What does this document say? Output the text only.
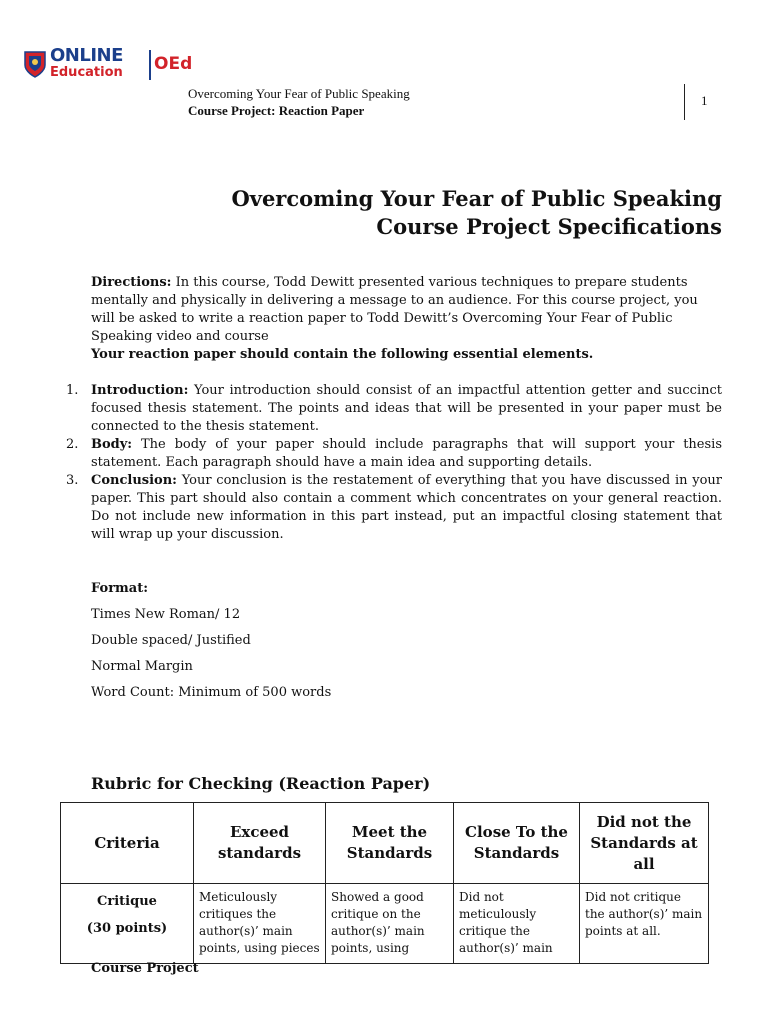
ONLINE
Education OEd
Overcoming Your Fear of Public Speaking
Course Project: Reaction Paper
1
Overcoming Your Fear of Public Speaking
Course Project Specifications
Directions: In this course, Todd Dewitt presented various techniques to prepare students mentally and physically in delivering a message to an audience. For this course project, you will be asked to write a reaction paper to Todd Dewitt’s Overcoming Your Fear of Public Speaking video and course
Your reaction paper should contain the following essential elements.
1. Introduction: Your introduction should consist of an impactful attention getter and succinct focused thesis statement. The points and ideas that will be presented in your paper must be connected to the thesis statement.
2. Body: The body of your paper should include paragraphs that will support your thesis statement. Each paragraph should have a main idea and supporting details.
3. Conclusion: Your conclusion is the restatement of everything that you have discussed in your paper. This part should also contain a comment which concentrates on your general reaction. Do not include new information in this part instead, put an impactful closing statement that will wrap up your discussion.
Format:
Times New Roman/ 12
Double spaced/ Justified
Normal Margin
Word Count: Minimum of 500 words
Rubric for Checking (Reaction Paper)
Criteria	Exceed standards	Meet the Standards	Close To the Standards	Did not the Standards at all

Critique
(30 points)	Meticulously critiques the author(s)’ main points, using pieces	Showed a good critique on the author(s)’ main points, using	Did not meticulously critique the author(s)’ main	Did not critique the author(s)’ main points at all.
Course Project
